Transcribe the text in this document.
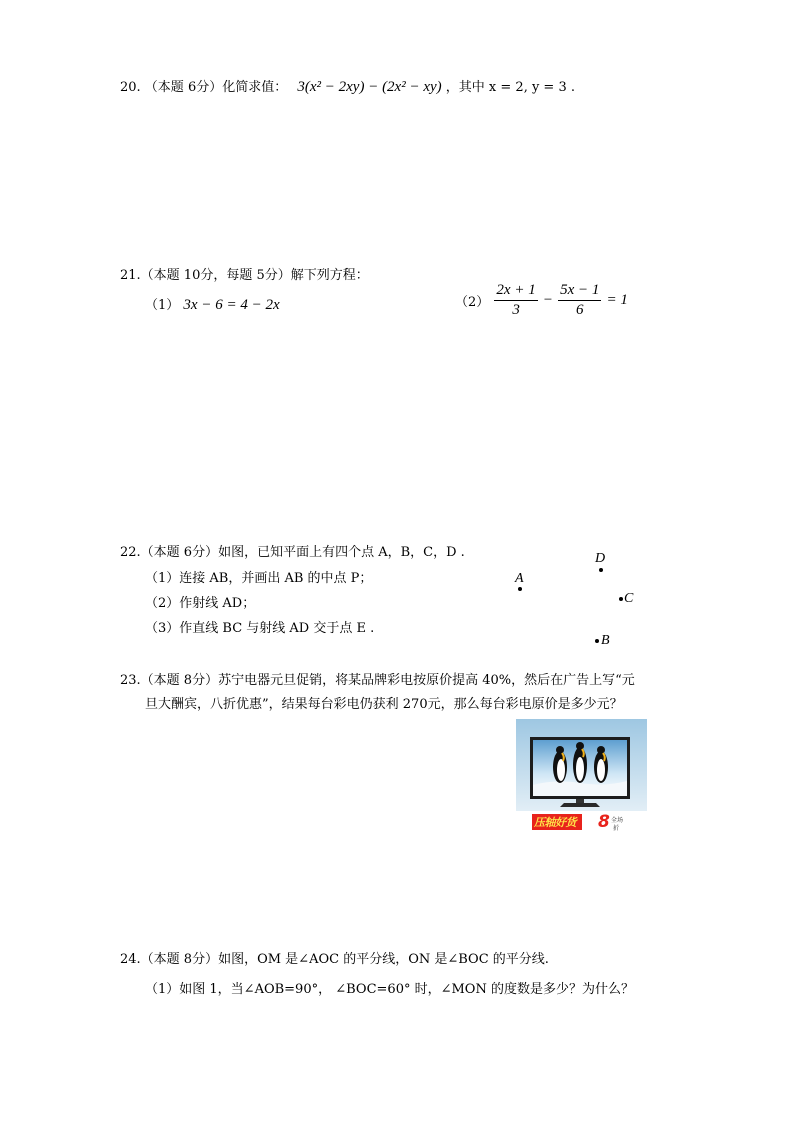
20. （本题 6分）化简求值： 3(x² − 2xy) − (2x² − xy) ，其中 x = 2, y = 3 .
21.（本题 10分，每题 5分）解下列方程：
（1） 3x − 6 = 4 − 2x	$(2) \frac{2x + 1}{3} - \frac{5x - 1}{6} = 1$
22.（本题 6分）如图，已知平面上有四个点 A，B，C，D .
（1）连接 AB，并画出 AB 的中点 P；
（2）作射线 AD；
（3）作直线 BC 与射线 AD 交于点 E .
D
A
C
B
23.（本题 8分）苏宁电器元旦促销，将某品牌彩电按原价提高 40%，然后在广告上写“元
旦大酬宾，八折优惠”，结果每台彩电仍获利 270元，那么每台彩电原价是多少元？
压轴好货 8 全场
折
24.（本题 8分）如图，OM 是∠AOC 的平分线，ON 是∠BOC 的平分线.
（1）如图 1，当∠AOB=90°， ∠BOC=60° 时，∠MON 的度数是多少？为什么？
